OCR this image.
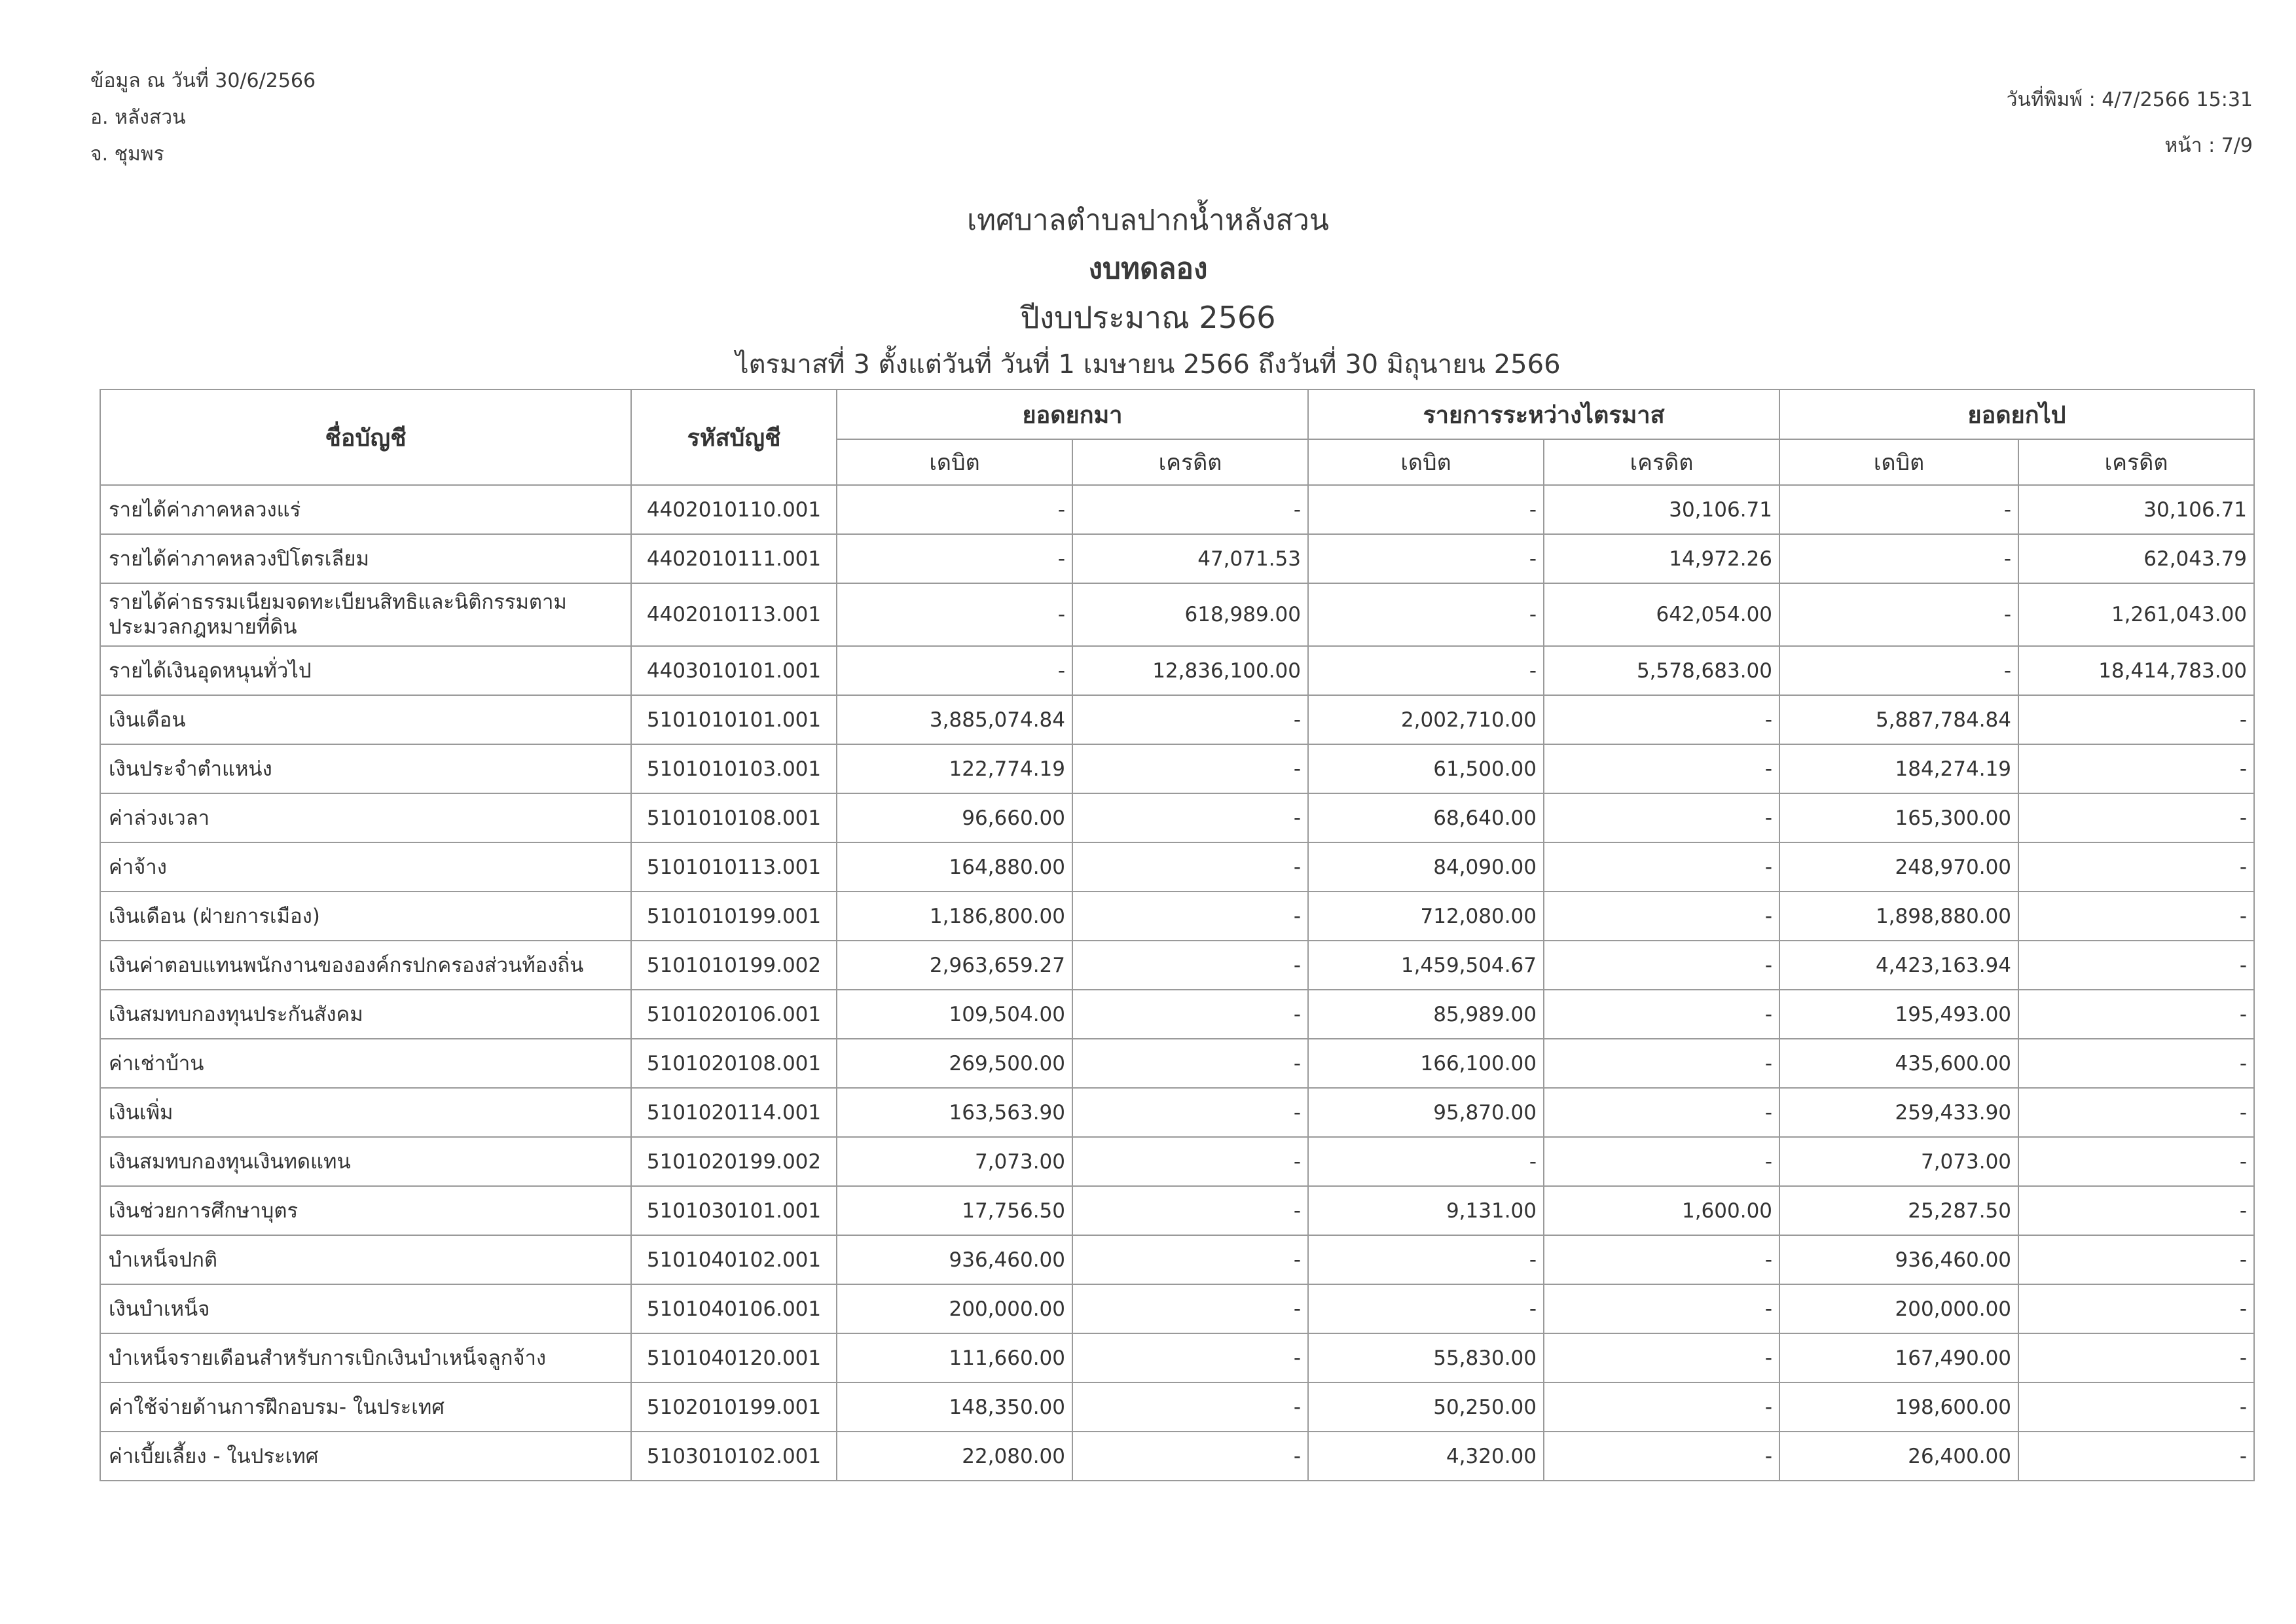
ข้อมูล ณ วันที่ 30/6/2566
อ. หลังสวน
จ. ชุมพร
วันที่พิมพ์ : 4/7/2566 15:31
หน้า : 7/9
เทศบาลตำบลปากน้ำหลังสวน
งบทดลอง
ปีงบประมาณ 2566
ไตรมาสที่ 3 ตั้งแต่วันที่ วันที่ 1 เมษายน 2566 ถึงวันที่ 30 มิถุนายน 2566
ชื่อบัญชี	รหัสบัญชี	ยอดยกมา		รายการระหว่างไตรมาส		ยอดยกไป	
		เดบิต	เครดิต	เดบิต	เครดิต	เดบิต	เครดิต
รายได้ค่าภาคหลวงแร่	4402010110.001	-	-	-	30,106.71	-	30,106.71
รายได้ค่าภาคหลวงปิโตรเลียม	4402010111.001	-	47,071.53	-	14,972.26	-	62,043.79
รายได้ค่าธรรมเนียมจดทะเบียนสิทธิและนิติกรรมตามประมวลกฎหมายที่ดิน	4402010113.001	-	618,989.00	-	642,054.00	-	1,261,043.00
รายได้เงินอุดหนุนทั่วไป	4403010101.001	-	12,836,100.00	-	5,578,683.00	-	18,414,783.00
เงินเดือน	5101010101.001	3,885,074.84	-	2,002,710.00	-	5,887,784.84	-
เงินประจำตำแหน่ง	5101010103.001	122,774.19	-	61,500.00	-	184,274.19	-
ค่าล่วงเวลา	5101010108.001	96,660.00	-	68,640.00	-	165,300.00	-
ค่าจ้าง	5101010113.001	164,880.00	-	84,090.00	-	248,970.00	-
เงินเดือน (ฝ่ายการเมือง)	5101010199.001	1,186,800.00	-	712,080.00	-	1,898,880.00	-
เงินค่าตอบแทนพนักงานขององค์กรปกครองส่วนท้องถิ่น	5101010199.002	2,963,659.27	-	1,459,504.67	-	4,423,163.94	-
เงินสมทบกองทุนประกันสังคม	5101020106.001	109,504.00	-	85,989.00	-	195,493.00	-
ค่าเช่าบ้าน	5101020108.001	269,500.00	-	166,100.00	-	435,600.00	-
เงินเพิ่ม	5101020114.001	163,563.90	-	95,870.00	-	259,433.90	-
เงินสมทบกองทุนเงินทดแทน	5101020199.002	7,073.00	-	-	-	7,073.00	-
เงินช่วยการศึกษาบุตร	5101030101.001	17,756.50	-	9,131.00	1,600.00	25,287.50	-
บำเหน็จปกติ	5101040102.001	936,460.00	-	-	-	936,460.00	-
เงินบำเหน็จ	5101040106.001	200,000.00	-	-	-	200,000.00	-
บำเหน็จรายเดือนสำหรับการเบิกเงินบำเหน็จลูกจ้าง	5101040120.001	111,660.00	-	55,830.00	-	167,490.00	-
ค่าใช้จ่ายด้านการฝึกอบรม- ในประเทศ	5102010199.001	148,350.00	-	50,250.00	-	198,600.00	-
ค่าเบี้ยเลี้ยง - ในประเทศ	5103010102.001	22,080.00	-	4,320.00	-	26,400.00	-
